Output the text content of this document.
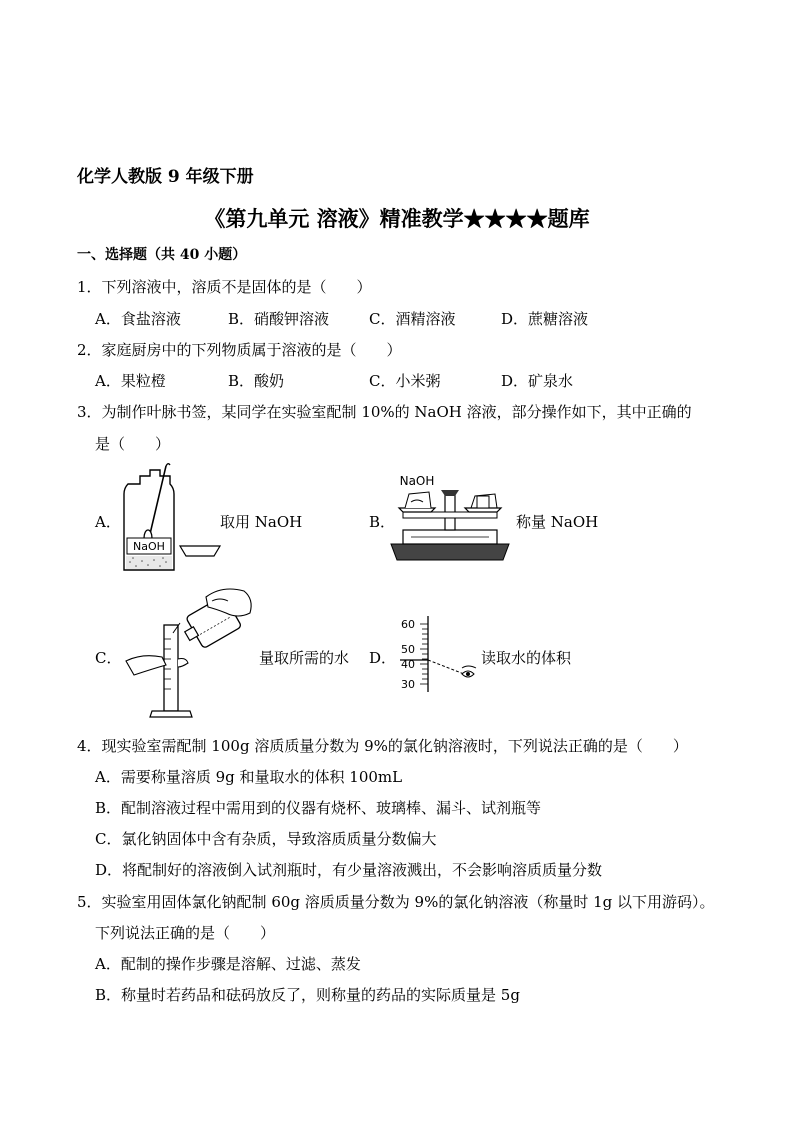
化学人教版 9 年级下册
《第九单元 溶液》精准教学★★★★题库
一、选择题（共 40 小题）
1．下列溶液中，溶质不是固体的是（　　）
A．食盐溶液	B．硝酸钾溶液	C．酒精溶液	D．蔗糖溶液
2．家庭厨房中的下列物质属于溶液的是（　　）
A．果粒橙	B．酸奶	C．小米粥	D．矿泉水
3．为制作叶脉书签，某同学在实验室配制 10%的 NaOH 溶液，部分操作如下，其中正确的
是（　　）
A．
NaOH
取用 NaOH	B．
NaOH
称量 NaOH
C．	量取所需的水 D．
60
50
40
30
读取水的体积
4．现实验室需配制 100g 溶质质量分数为 9%的氯化钠溶液时，下列说法正确的是（　　）
A．需要称量溶质 9g 和量取水的体积 100mL
B．配制溶液过程中需用到的仪器有烧杯、玻璃棒、漏斗、试剂瓶等
C．氯化钠固体中含有杂质，导致溶质质量分数偏大
D．将配制好的溶液倒入试剂瓶时，有少量溶液溅出，不会影响溶质质量分数
5．实验室用固体氯化钠配制 60g 溶质质量分数为 9%的氯化钠溶液（称量时 1g 以下用游码）。
下列说法正确的是（　　）
A．配制的操作步骤是溶解、过滤、蒸发
B．称量时若药品和砝码放反了，则称量的药品的实际质量是 5g
